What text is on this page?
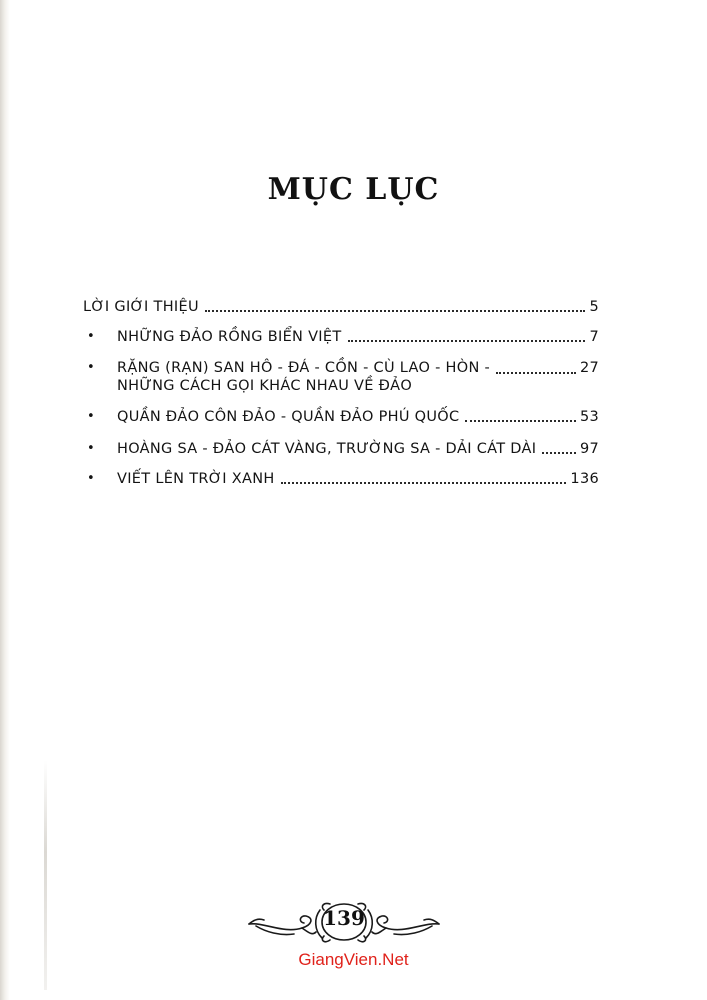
MỤC LỤC
LỜI GIỚI THIỆU	5
• NHỮNG ĐẢO RỒNG BIỂN VIỆT	7
• RẶNG (RẠN) SAN HÔ - ĐÁ - CỒN - CÙ LAO - HÒN -
NHỮNG CÁCH GỌI KHÁC NHAU VỀ ĐẢO
27
• QUẦN ĐẢO CÔN ĐẢO - QUẦN ĐẢO PHÚ QUỐC	53
• HOÀNG SA - ĐẢO CÁT VÀNG, TRƯỜNG SA - DẢI CÁT DÀI	97
• VIẾT LÊN TRỜI XANH	136
139
GiangVien.Net
